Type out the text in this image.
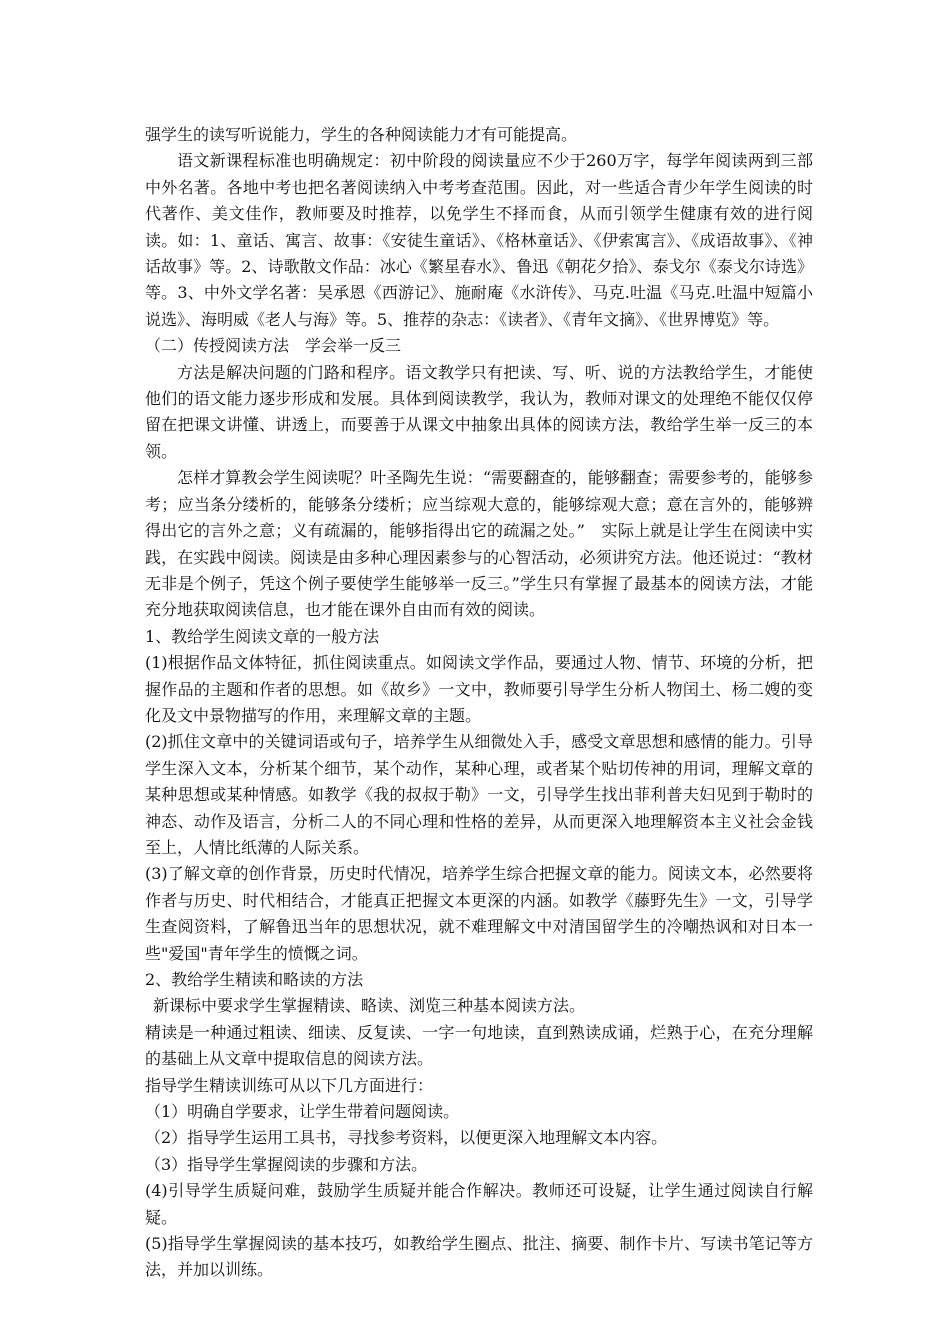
强学生的读写听说能力，学生的各种阅读能力才有可能提高。

语文新课程标准也明确规定：初中阶段的阅读量应不少于260万字，每学年阅读两到三部中外名著。各地中考也把名著阅读纳入中考考查范围。因此，对一些适合青少年学生阅读的时代著作、美文佳作，教师要及时推荐，以免学生不择而食，从而引领学生健康有效的进行阅读。如：1、童话、寓言、故事：《安徒生童话》、《格林童话》、《伊索寓言》、《成语故事》、《神话故事》等。2、诗歌散文作品：冰心《繁星春水》、鲁迅《朝花夕拾》、泰戈尔《泰戈尔诗选》等。3、中外文学名著：吴承恩《西游记》、施耐庵《水浒传》、马克.吐温《马克.吐温中短篇小说选》、海明威《老人与海》等。5、推荐的杂志：《读者》、《青年文摘》、《世界博览》等。

（二）传授阅读方法　学会举一反三

方法是解决问题的门路和程序。语文教学只有把读、写、听、说的方法教给学生，才能使他们的语文能力逐步形成和发展。具体到阅读教学，我认为，教师对课文的处理绝不能仅仅停留在把课文讲懂、讲透上，而要善于从课文中抽象出具体的阅读方法，教给学生举一反三的本领。

怎样才算教会学生阅读呢？叶圣陶先生说：“需要翻查的，能够翻查；需要参考的，能够参考；应当条分缕析的，能够条分缕析；应当综观大意的，能够综观大意；意在言外的，能够辨得出它的言外之意；义有疏漏的，能够指得出它的疏漏之处。”　实际上就是让学生在阅读中实践，在实践中阅读。阅读是由多种心理因素参与的心智活动，必须讲究方法。他还说过：“教材无非是个例子，凭这个例子要使学生能够举一反三。”学生只有掌握了最基本的阅读方法，才能充分地获取阅读信息，也才能在课外自由而有效的阅读。

1、教给学生阅读文章的一般方法

(1)根据作品文体特征，抓住阅读重点。如阅读文学作品，要通过人物、情节、环境的分析，把握作品的主题和作者的思想。如《故乡》一文中，教师要引导学生分析人物闰土、杨二嫂的变化及文中景物描写的作用，来理解文章的主题。

(2)抓住文章中的关键词语或句子，培养学生从细微处入手，感受文章思想和感情的能力。引导学生深入文本，分析某个细节，某个动作，某种心理，或者某个贴切传神的用词，理解文章的某种思想或某种情感。如教学《我的叔叔于勒》一文，引导学生找出菲利普夫妇见到于勒时的神态、动作及语言，分析二人的不同心理和性格的差异，从而更深入地理解资本主义社会金钱至上，人情比纸薄的人际关系。

(3)了解文章的创作背景，历史时代情况，培养学生综合把握文章的能力。阅读文本，必然要将作者与历史、时代相结合，才能真正把握文本更深的内涵。如教学《藤野先生》一文，引导学生查阅资料，了解鲁迅当年的思想状况，就不难理解文中对清国留学生的冷嘲热讽和对日本一些"爱国"青年学生的愤慨之词。

2、教给学生精读和略读的方法

新课标中要求学生掌握精读、略读、浏览三种基本阅读方法。

精读是一种通过粗读、细读、反复读、一字一句地读，直到熟读成诵，烂熟于心，在充分理解的基础上从文章中提取信息的阅读方法。

指导学生精读训练可从以下几方面进行：

（1）明确自学要求，让学生带着问题阅读。

（2）指导学生运用工具书，寻找参考资料，以便更深入地理解文本内容。

（3）指导学生掌握阅读的步骤和方法。

(4)引导学生质疑问难，鼓励学生质疑并能合作解决。教师还可设疑，让学生通过阅读自行解疑。

(5)指导学生掌握阅读的基本技巧，如教给学生圈点、批注、摘要、制作卡片、写读书笔记等方法，并加以训练。
